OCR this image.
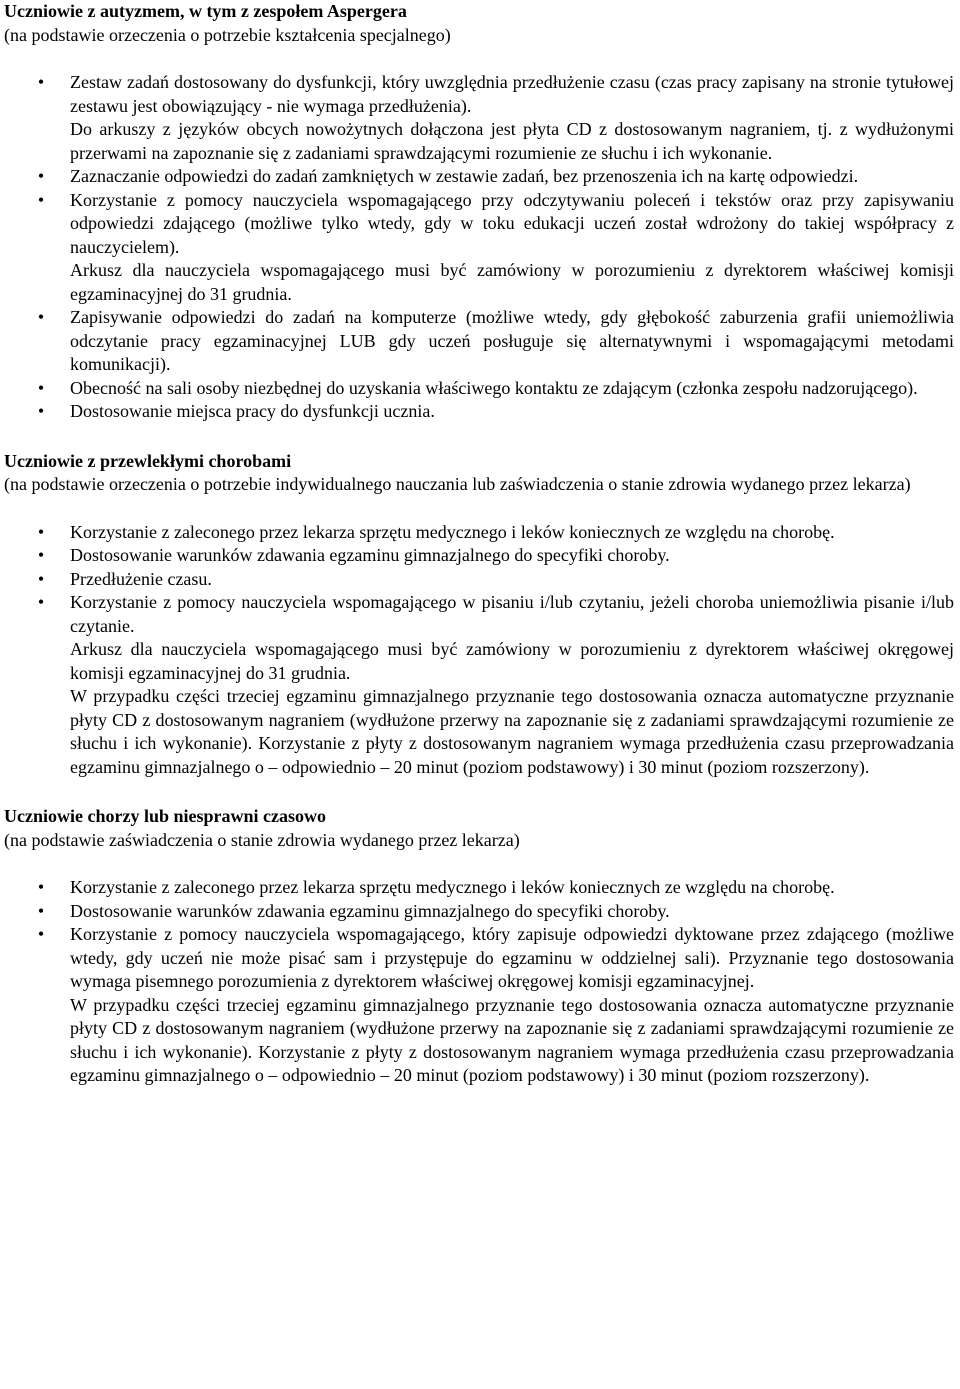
Uczniowie z autyzmem, w tym z zespołem Aspergera

(na podstawie orzeczenia o potrzebie kształcenia specjalnego)

•	Zestaw zadań dostosowany do dysfunkcji, który uwzględnia przedłużenie czasu (czas pracy zapisany na stronie tytułowej zestawu jest obowiązujący - nie wymaga przedłużenia).
Do arkuszy z języków obcych nowożytnych dołączona jest płyta CD z dostosowanym nagraniem, tj. z wydłużonymi przerwami na zapoznanie się z zadaniami sprawdzającymi rozumienie ze słuchu i ich wykonanie.
•	Zaznaczanie odpowiedzi do zadań zamkniętych w zestawie zadań, bez przenoszenia ich na kartę odpowiedzi.
•	Korzystanie z pomocy nauczyciela wspomagającego przy odczytywaniu poleceń i tekstów oraz przy zapisywaniu odpowiedzi zdającego (możliwe tylko wtedy, gdy w toku edukacji uczeń został wdrożony do takiej współpracy z nauczycielem).
Arkusz dla nauczyciela wspomagającego musi być zamówiony w porozumieniu z dyrektorem właściwej komisji egzaminacyjnej do 31 grudnia.
•	Zapisywanie odpowiedzi do zadań na komputerze (możliwe wtedy, gdy głębokość zaburzenia grafii uniemożliwia odczytanie pracy egzaminacyjnej LUB gdy uczeń posługuje się alternatywnymi i wspomagającymi metodami komunikacji).
•	Obecność na sali osoby niezbędnej do uzyskania właściwego kontaktu ze zdającym (członka zespołu nadzorującego).
•	Dostosowanie miejsca pracy do dysfunkcji ucznia.

Uczniowie z przewlekłymi chorobami

(na podstawie orzeczenia o potrzebie indywidualnego nauczania lub zaświadczenia o stanie zdrowia wydanego przez lekarza)

•	Korzystanie z zaleconego przez lekarza sprzętu medycznego i leków koniecznych ze względu na chorobę.
•	Dostosowanie warunków zdawania egzaminu gimnazjalnego do specyfiki choroby.
•	Przedłużenie czasu.
•	Korzystanie z pomocy nauczyciela wspomagającego w pisaniu i/lub czytaniu, jeżeli choroba uniemożliwia pisanie i/lub czytanie.
Arkusz dla nauczyciela wspomagającego musi być zamówiony w porozumieniu z dyrektorem właściwej okręgowej komisji egzaminacyjnej do 31 grudnia.
W przypadku części trzeciej egzaminu gimnazjalnego przyznanie tego dostosowania oznacza automatyczne przyznanie płyty CD z dostosowanym nagraniem (wydłużone przerwy na zapoznanie się z zadaniami sprawdzającymi rozumienie ze słuchu i ich wykonanie). Korzystanie z płyty z dostosowanym nagraniem wymaga przedłużenia czasu przeprowadzania egzaminu gimnazjalnego o – odpowiednio – 20 minut (poziom podstawowy) i 30 minut (poziom rozszerzony).

Uczniowie chorzy lub niesprawni czasowo

(na podstawie zaświadczenia o stanie zdrowia wydanego przez lekarza)

•	Korzystanie z zaleconego przez lekarza sprzętu medycznego i leków koniecznych ze względu na chorobę.
•	Dostosowanie warunków zdawania egzaminu gimnazjalnego do specyfiki choroby.
•	Korzystanie z pomocy nauczyciela wspomagającego, który zapisuje odpowiedzi dyktowane przez zdającego (możliwe wtedy, gdy uczeń nie może pisać sam i przystępuje do egzaminu w oddzielnej sali). Przyznanie tego dostosowania wymaga pisemnego porozumienia z dyrektorem właściwej okręgowej komisji egzaminacyjnej.
W przypadku części trzeciej egzaminu gimnazjalnego przyznanie tego dostosowania oznacza automatyczne przyznanie płyty CD z dostosowanym nagraniem (wydłużone przerwy na zapoznanie się z zadaniami sprawdzającymi rozumienie ze słuchu i ich wykonanie). Korzystanie z płyty z dostosowanym nagraniem wymaga przedłużenia czasu przeprowadzania egzaminu gimnazjalnego o – odpowiednio – 20 minut (poziom podstawowy) i 30 minut (poziom rozszerzony).
